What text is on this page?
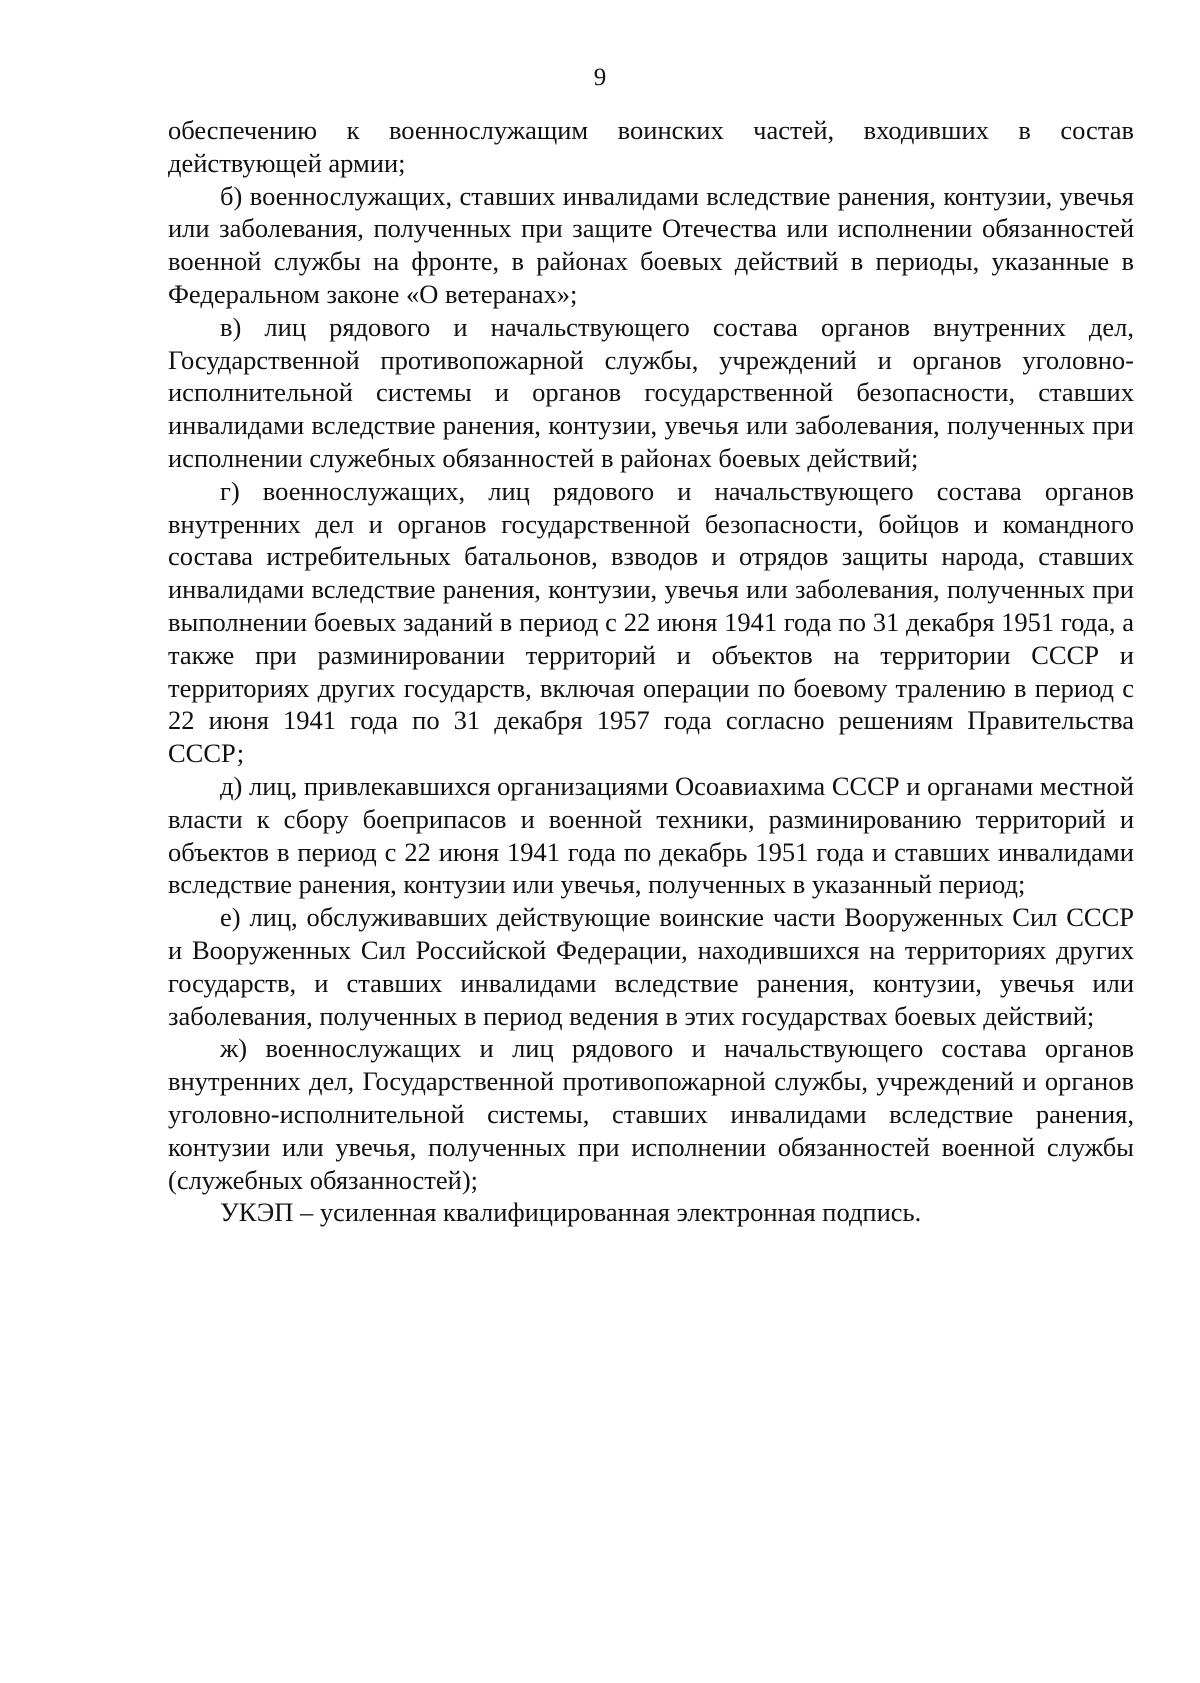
9

обеспечению к военнослужащим воинских частей, входивших в состав действующей армии;

б) военнослужащих, ставших инвалидами вследствие ранения, контузии, увечья или заболевания, полученных при защите Отечества или исполнении обязанностей военной службы на фронте, в районах боевых действий в периоды, указанные в Федеральном законе «О ветеранах»;

в) лиц рядового и начальствующего состава органов внутренних дел, Государственной противопожарной службы, учреждений и органов уголовно-исполнительной системы и органов государственной безопасности, ставших инвалидами вследствие ранения, контузии, увечья или заболевания, полученных при исполнении служебных обязанностей в районах боевых действий;

г) военнослужащих, лиц рядового и начальствующего состава органов внутренних дел и органов государственной безопасности, бойцов и командного состава истребительных батальонов, взводов и отрядов защиты народа, ставших инвалидами вследствие ранения, контузии, увечья или заболевания, полученных при выполнении боевых заданий в период с 22 июня 1941 года по 31 декабря 1951 года, а также при разминировании территорий и объектов на территории СССР и территориях других государств, включая операции по боевому тралению в период с 22 июня 1941 года по 31 декабря 1957 года согласно решениям Правительства СССР;

д) лиц, привлекавшихся организациями Осоавиахима СССР и органами местной власти к сбору боеприпасов и военной техники, разминированию территорий и объектов в период с 22 июня 1941 года по декабрь 1951 года и ставших инвалидами вследствие ранения, контузии или увечья, полученных в указанный период;

е) лиц, обслуживавших действующие воинские части Вооруженных Сил СССР и Вооруженных Сил Российской Федерации, находившихся на территориях других государств, и ставших инвалидами вследствие ранения, контузии, увечья или заболевания, полученных в период ведения в этих государствах боевых действий;

ж) военнослужащих и лиц рядового и начальствующего состава органов внутренних дел, Государственной противопожарной службы, учреждений и органов уголовно-исполнительной системы, ставших инвалидами вследствие ранения, контузии или увечья, полученных при исполнении обязанностей военной службы (служебных обязанностей);

УКЭП – усиленная квалифицированная электронная подпись.
